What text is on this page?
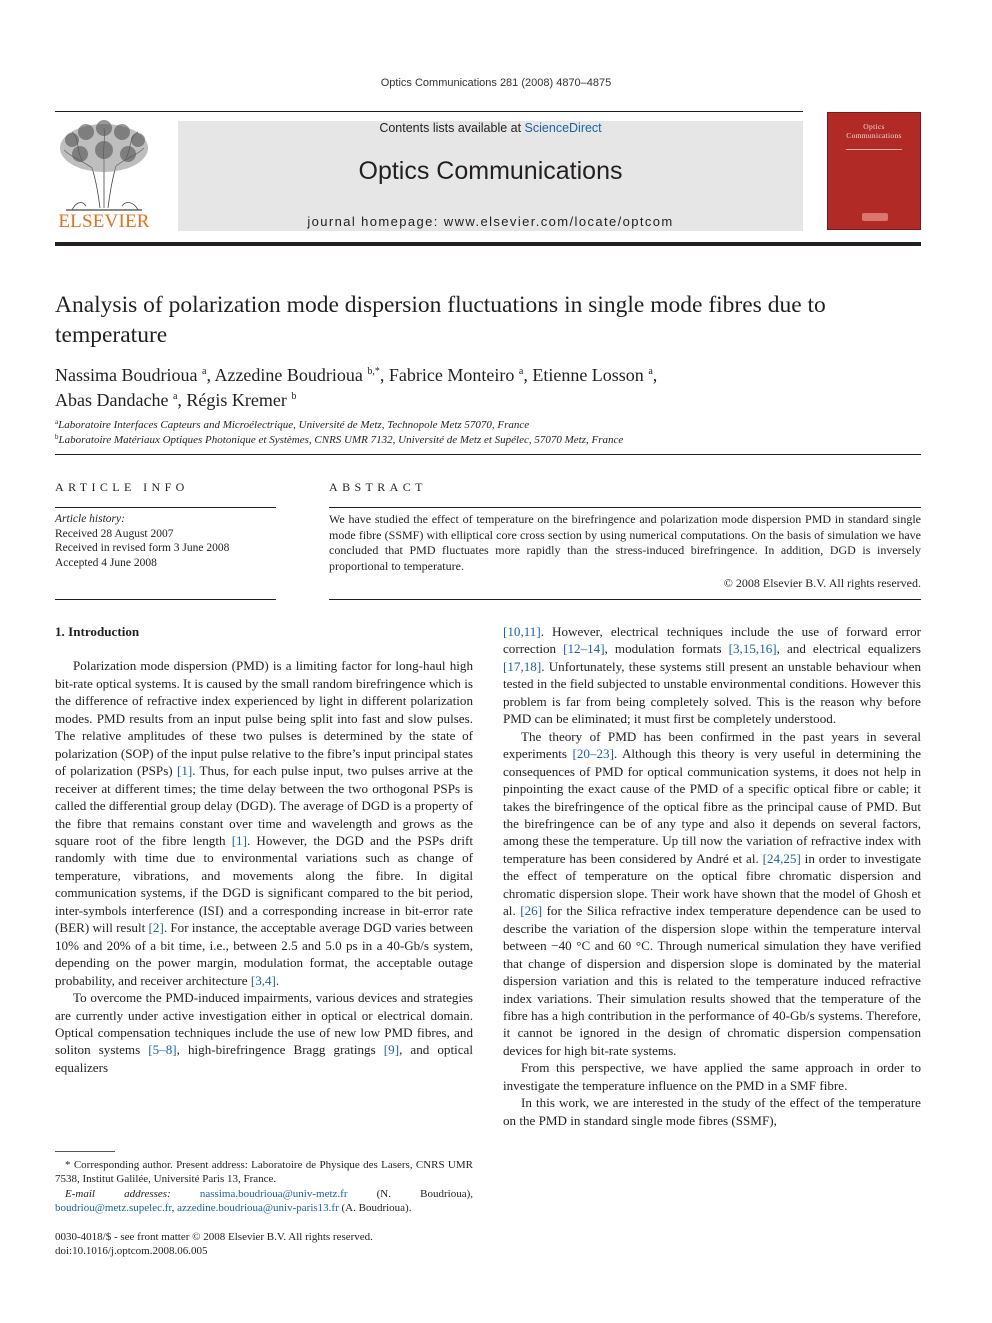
Optics Communications 281 (2008) 4870–4875
ELSEVIER
Contents lists available at ScienceDirect
Optics Communications
journal homepage: www.elsevier.com/locate/optcom
Optics
Communications
Analysis of polarization mode dispersion fluctuations in single mode fibres due to temperature
Nassima Boudrioua $^a$, Azzedine Boudrioua $^{b,*}$, Fabrice Monteiro $^a$, Etienne Losson $^a$,
Abas Dandache $^a$, Régis Kremer $^b$
$^a$Laboratoire Interfaces Capteurs and Microélectrique, Université de Metz, Technopole Metz 57070, France
$^b$Laboratoire Matériaux Optiques Photonique et Systèmes, CNRS UMR 7132, Université de Metz et Supélec, 57070 Metz, France
ARTICLE INFO
Article history:
Received 28 August 2007
Received in revised form 3 June 2008
Accepted 4 June 2008
ABSTRACT
We have studied the effect of temperature on the birefringence and polarization mode dispersion PMD in standard single mode fibre (SSMF) with elliptical core cross section by using numerical computations. On the basis of simulation we have concluded that PMD fluctuates more rapidly than the stress-induced birefringence. In addition, DGD is inversely proportional to temperature.
© 2008 Elsevier B.V. All rights reserved.

1. Introduction

Polarization mode dispersion (PMD) is a limiting factor for long-haul high bit-rate optical systems. It is caused by the small random birefringence which is the difference of refractive index experienced by light in different polarization modes. PMD results from an input pulse being split into fast and slow pulses. The relative amplitudes of these two pulses is determined by the state of polarization (SOP) of the input pulse relative to the fibre’s input principal states of polarization (PSPs) [1]. Thus, for each pulse input, two pulses arrive at the receiver at different times; the time delay between the two orthogonal PSPs is called the differential group delay (DGD). The average of DGD is a property of the fibre that remains constant over time and wavelength and grows as the square root of the fibre length [1]. However, the DGD and the PSPs drift randomly with time due to environmental variations such as change of temperature, vibrations, and movements along the fibre. In digital communication systems, if the DGD is significant compared to the bit period, inter-symbols interference (ISI) and a corresponding increase in bit-error rate (BER) will result [2]. For instance, the acceptable average DGD varies between 10% and 20% of a bit time, i.e., between 2.5 and 5.0 ps in a 40-Gb/s system, depending on the power margin, modulation format, the acceptable outage probability, and receiver architecture [3,4].

To overcome the PMD-induced impairments, various devices and strategies are currently under active investigation either in optical or electrical domain. Optical compensation techniques include the use of new low PMD fibres, and soliton systems [5–8], high-birefringence Bragg gratings [9], and optical equalizers

* Corresponding author. Present address: Laboratoire de Physique des Lasers, CNRS UMR 7538, Institut Galilée, Université Paris 13, France.

E-mail addresses:	nassima.boudrioua@univ-metz.fr (N. Boudrioua), boudriou@metz.supelec.fr, azzedine.boudrioua@univ-paris13.fr (A. Boudrioua).

0030-4018/$ - see front matter © 2008 Elsevier B.V. All rights reserved.
doi:10.1016/j.optcom.2008.06.005

[10,11]. However, electrical techniques include the use of forward error correction [12–14], modulation formats [3,15,16], and electrical equalizers [17,18]. Unfortunately, these systems still present an unstable behaviour when tested in the field subjected to unstable environmental conditions. However this problem is far from being completely solved. This is the reason why before PMD can be eliminated; it must first be completely understood.

The theory of PMD has been confirmed in the past years in several experiments [20–23]. Although this theory is very useful in determining the consequences of PMD for optical communication systems, it does not help in pinpointing the exact cause of the PMD of a specific optical fibre or cable; it takes the birefringence of the optical fibre as the principal cause of PMD. But the birefringence can be of any type and also it depends on several factors, among these the temperature. Up till now the variation of refractive index with temperature has been considered by André et al. [24,25] in order to investigate the effect of temperature on the optical fibre chromatic dispersion and chromatic dispersion slope. Their work have shown that the model of Ghosh et al. [26] for the Silica refractive index temperature dependence can be used to describe the variation of the dispersion slope within the temperature interval between −40 °C and 60 °C. Through numerical simulation they have verified that change of dispersion and dispersion slope is dominated by the material dispersion variation and this is related to the temperature induced refractive index variations. Their simulation results showed that the temperature of the fibre has a high contribution in the performance of 40-Gb/s systems. Therefore, it cannot be ignored in the design of chromatic dispersion compensation devices for high bit-rate systems.

From this perspective, we have applied the same approach in order to investigate the temperature influence on the PMD in a SMF fibre.

In this work, we are interested in the study of the effect of the temperature on the PMD in standard single mode fibres (SSMF),
